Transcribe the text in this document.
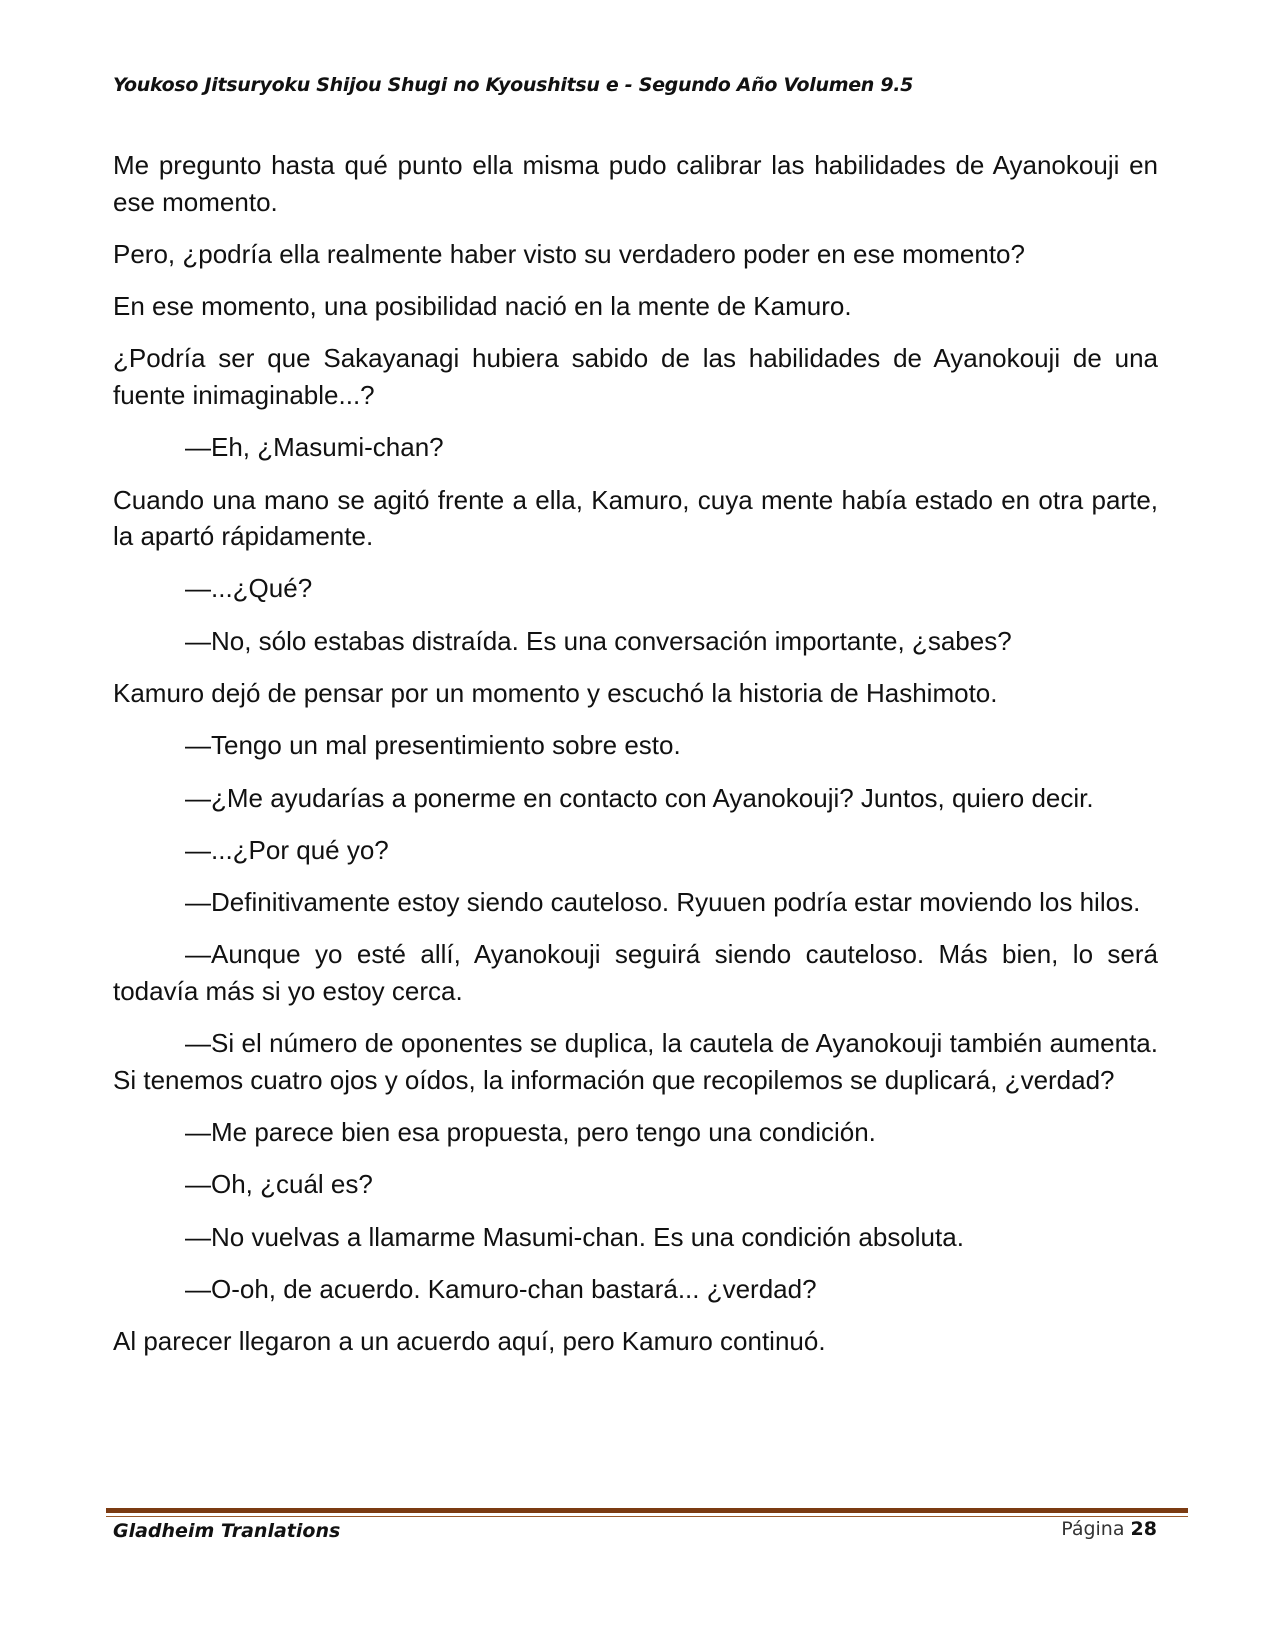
Youkoso Jitsuryoku Shijou Shugi no Kyoushitsu e - Segundo Año Volumen 9.5

Me pregunto hasta qué punto ella misma pudo calibrar las habilidades de Ayanokouji en ese momento.

Pero, ¿podría ella realmente haber visto su verdadero poder en ese momento?

En ese momento, una posibilidad nació en la mente de Kamuro.

¿Podría ser que Sakayanagi hubiera sabido de las habilidades de Ayanokouji de una fuente inimaginable...?

—Eh, ¿Masumi-chan?

Cuando una mano se agitó frente a ella, Kamuro, cuya mente había estado en otra parte, la apartó rápidamente.

—...¿Qué?

—No, sólo estabas distraída. Es una conversación importante, ¿sabes?

Kamuro dejó de pensar por un momento y escuchó la historia de Hashimoto.

—Tengo un mal presentimiento sobre esto.

—¿Me ayudarías a ponerme en contacto con Ayanokouji? Juntos, quiero decir.

—...¿Por qué yo?

—Definitivamente estoy siendo cauteloso. Ryuuen podría estar moviendo los hilos.

—Aunque yo esté allí, Ayanokouji seguirá siendo cauteloso. Más bien, lo será todavía más si yo estoy cerca.

—Si el número de oponentes se duplica, la cautela de Ayanokouji también aumenta. Si tenemos cuatro ojos y oídos, la información que recopilemos se duplicará, ¿verdad?

—Me parece bien esa propuesta, pero tengo una condición.

—Oh, ¿cuál es?

—No vuelvas a llamarme Masumi-chan. Es una condición absoluta.

—O-oh, de acuerdo. Kamuro-chan bastará... ¿verdad?

Al parecer llegaron a un acuerdo aquí, pero Kamuro continuó.

Gladheim Tranlations	Página 28
